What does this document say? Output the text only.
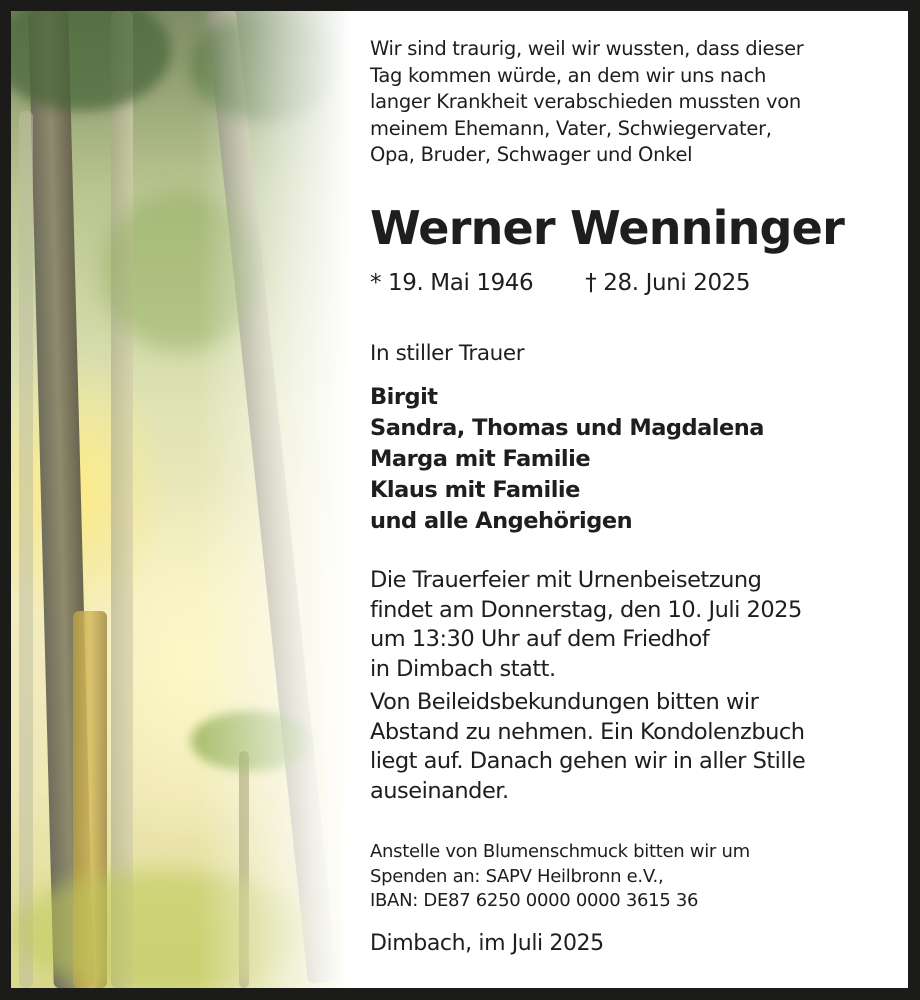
Wir sind traurig, weil wir wussten, dass dieser
Tag kommen würde, an dem wir uns nach
langer Krankheit verabschieden mussten von
meinem Ehemann, Vater, Schwiegervater,
Opa, Bruder, Schwager und Onkel

Werner Wenninger
* 19. Mai 1946 † 28. Juni 2025
In stiller Trauer
Birgit
Sandra, Thomas und Magdalena
Marga mit Familie
Klaus mit Familie
und alle Angehörigen
Die Trauerfeier mit Urnenbeisetzung
findet am Donnerstag, den 10. Juli 2025
um 13:30 Uhr auf dem Friedhof
in Dimbach statt.
Von Beileidsbekundungen bitten wir
Abstand zu nehmen. Ein Kondolenzbuch
liegt auf. Danach gehen wir in aller Stille
auseinander.
Anstelle von Blumenschmuck bitten wir um
Spenden an: SAPV Heilbronn e.V.,
IBAN: DE87 6250 0000 0000 3615 36
Dimbach, im Juli 2025
